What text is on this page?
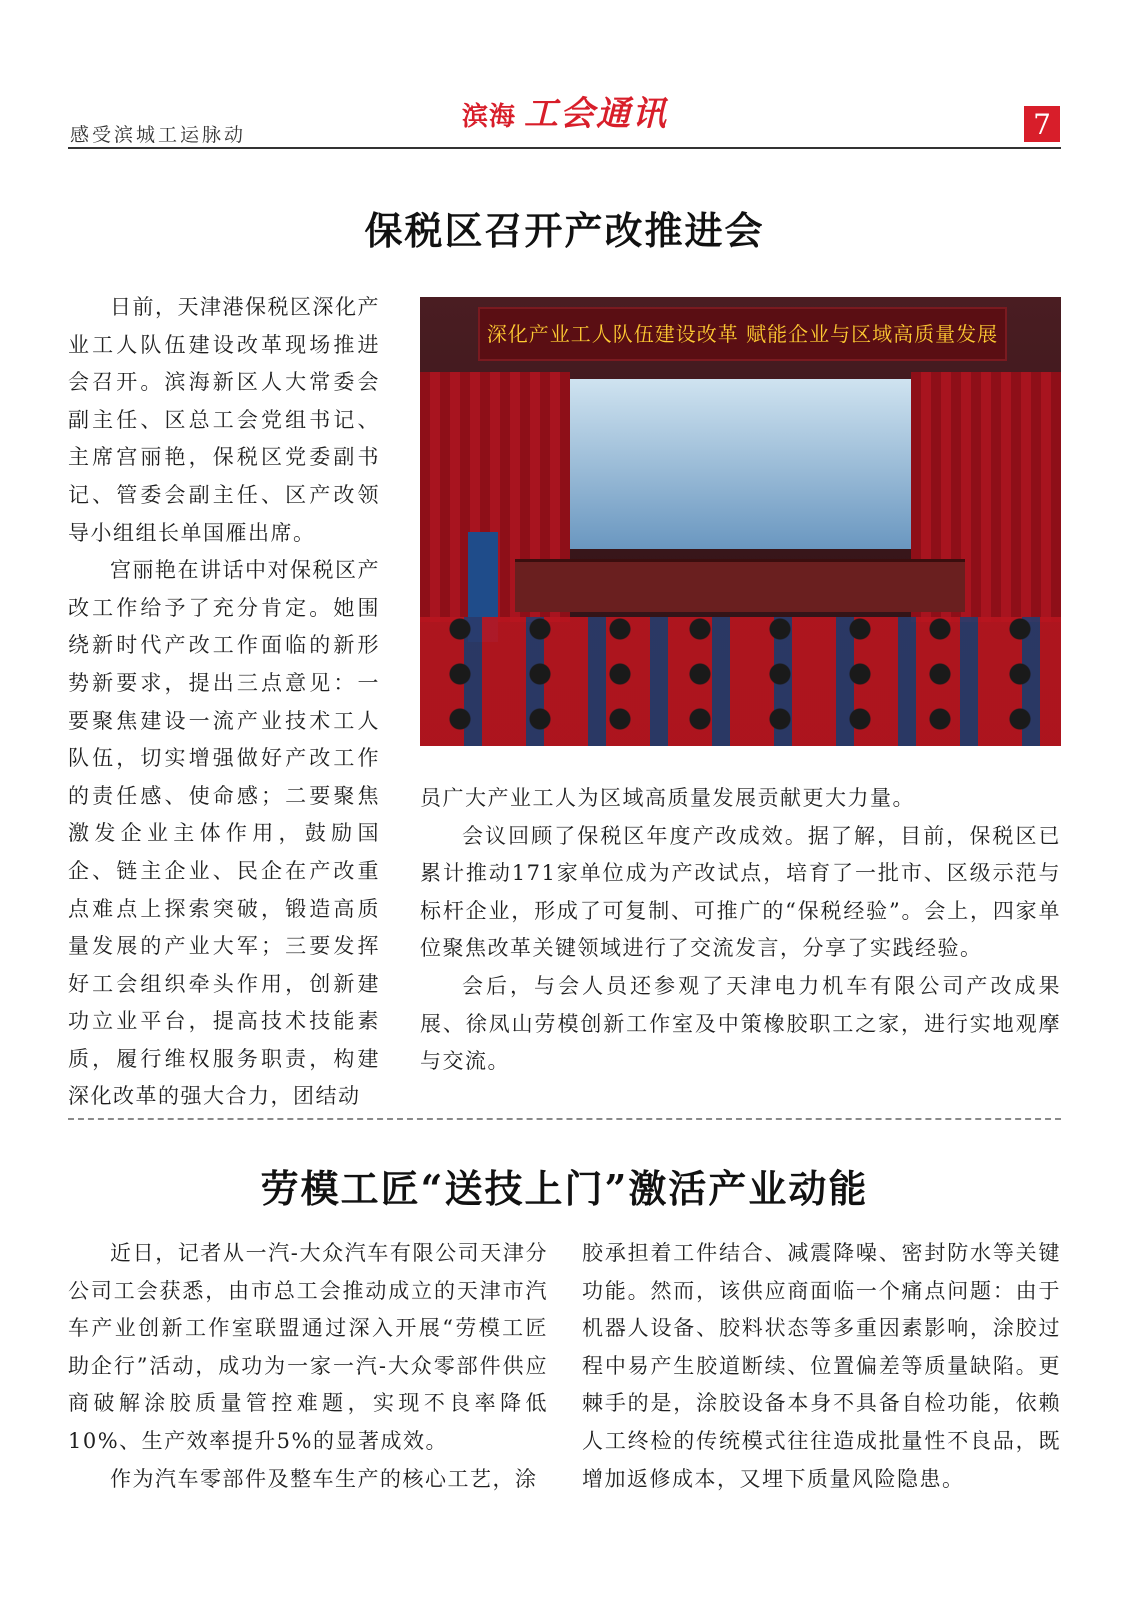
感受滨城工运脉动
滨海 工会通讯	7
保税区召开产改推进会

日前，天津港保税区深化产业工人队伍建设改革现场推进会召开。滨海新区人大常委会副主任、区总工会党组书记、主席宫丽艳，保税区党委副书记、管委会副主任、区产改领导小组组长单国雁出席。

宫丽艳在讲话中对保税区产改工作给予了充分肯定。她围绕新时代产改工作面临的新形势新要求，提出三点意见：一要聚焦建设一流产业技术工人队伍，切实增强做好产改工作的责任感、使命感；二要聚焦激发企业主体作用，鼓励国企、链主企业、民企在产改重点难点上探索突破，锻造高质量发展的产业大军；三要发挥好工会组织牵头作用，创新建功立业平台，提高技术技能素质，履行维权服务职责，构建深化改革的强大合力，团结动

深化产业工人队伍建设改革 赋能企业与区域高质量发展

员广大产业工人为区域高质量发展贡献更大力量。

会议回顾了保税区年度产改成效。据了解，目前，保税区已累计推动171家单位成为产改试点，培育了一批市、区级示范与标杆企业，形成了可复制、可推广的“保税经验”。会上，四家单位聚焦改革关键领域进行了交流发言，分享了实践经验。

会后，与会人员还参观了天津电力机车有限公司产改成果展、徐凤山劳模创新工作室及中策橡胶职工之家，进行实地观摩与交流。

劳模工匠“送技上门”激活产业动能

近日，记者从一汽-大众汽车有限公司天津分公司工会获悉，由市总工会推动成立的天津市汽车产业创新工作室联盟通过深入开展“劳模工匠助企行”活动，成功为一家一汽-大众零部件供应商破解涂胶质量管控难题，实现不良率降低10%、生产效率提升5%的显著成效。

作为汽车零部件及整车生产的核心工艺，涂

胶承担着工件结合、减震降噪、密封防水等关键功能。然而，该供应商面临一个痛点问题：由于机器人设备、胶料状态等多重因素影响，涂胶过程中易产生胶道断续、位置偏差等质量缺陷。更棘手的是，涂胶设备本身不具备自检功能，依赖人工终检的传统模式往往造成批量性不良品，既增加返修成本，又埋下质量风险隐患。
